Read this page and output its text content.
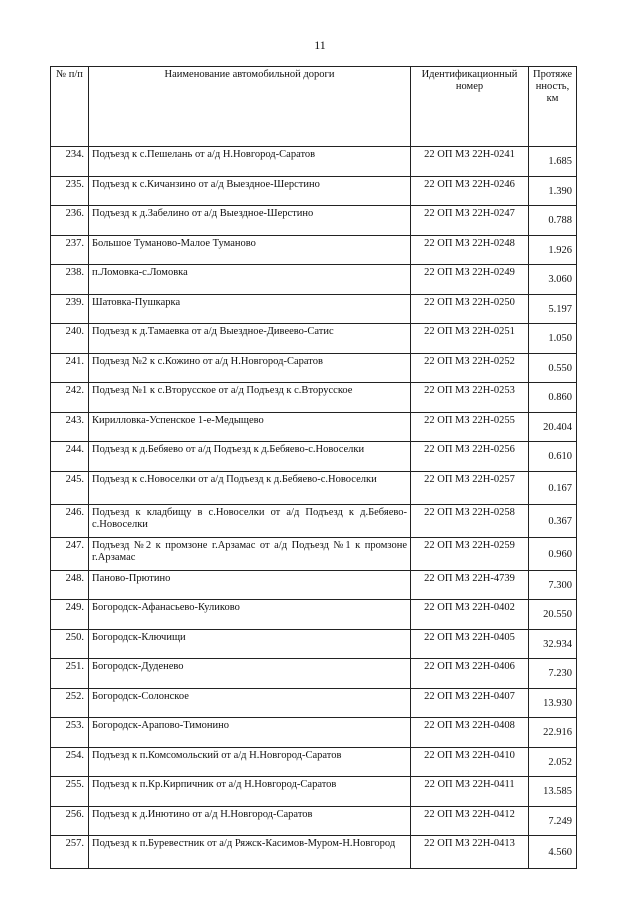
11
№ п/п	Наименование автомобильной дороги	Идентификационный номер	Протяже нность, км
234.	Подъезд к с.Пешелань от а/д Н.Новгород-Саратов	22 ОП МЗ 22Н-0241	1.685
235.	Подъезд к с.Кичанзино от а/д Выездное-Шерстино	22 ОП МЗ 22Н-0246	1.390
236.	Подъезд к д.Забелино от а/д Выездное-Шерстино	22 ОП МЗ 22Н-0247	0.788
237.	Большое Туманово-Малое Туманово	22 ОП МЗ 22Н-0248	1.926
238.	п.Ломовка-с.Ломовка	22 ОП МЗ 22Н-0249	3.060
239.	Шатовка-Пушкарка	22 ОП МЗ 22Н-0250	5.197
240.	Подъезд к д.Тамаевка от а/д Выездное-Дивеево-Сатис	22 ОП МЗ 22Н-0251	1.050
241.	Подъезд №2 к с.Кожино от а/д Н.Новгород-Саратов	22 ОП МЗ 22Н-0252	0.550
242.	Подъезд №1 к с.Вторусское от а/д Подъезд к с.Вторусское	22 ОП МЗ 22Н-0253	0.860
243.	Кирилловка-Успенское 1-е-Медыщево	22 ОП МЗ 22Н-0255	20.404
244.	Подъезд к д.Бебяево от а/д Подъезд к д.Бебяево-с.Новоселки	22 ОП МЗ 22Н-0256	0.610
245.	Подъезд к с.Новоселки от а/д Подъезд к д.Бебяево-с.Новоселки	22 ОП МЗ 22Н-0257	0.167
246.	Подъезд к кладбищу в с.Новоселки от а/д Подъезд к д.Бебяево-с.Новоселки	22 ОП МЗ 22Н-0258	0.367
247.	Подъезд №2 к промзоне г.Арзамас от а/д Подъезд №1 к промзоне г.Арзамас	22 ОП МЗ 22Н-0259	0.960
248.	Паново-Прютино	22 ОП МЗ 22Н-4739	7.300
249.	Богородск-Афанасьево-Куликово	22 ОП МЗ 22Н-0402	20.550
250.	Богородск-Ключищи	22 ОП МЗ 22Н-0405	32.934
251.	Богородск-Дуденево	22 ОП МЗ 22Н-0406	7.230
252.	Богородск-Солонское	22 ОП МЗ 22Н-0407	13.930
253.	Богородск-Арапово-Тимонино	22 ОП МЗ 22Н-0408	22.916
254.	Подъезд к п.Комсомольский от а/д Н.Новгород-Саратов	22 ОП МЗ 22Н-0410	2.052
255.	Подъезд к п.Кр.Кирпичник от а/д Н.Новгород-Саратов	22 ОП МЗ 22Н-0411	13.585
256.	Подъезд к д.Инютино от а/д Н.Новгород-Саратов	22 ОП МЗ 22Н-0412	7.249
257.	Подъезд к п.Буревестник от а/д Ряжск-Касимов-Муром-Н.Новгород	22 ОП МЗ 22Н-0413	4.560
